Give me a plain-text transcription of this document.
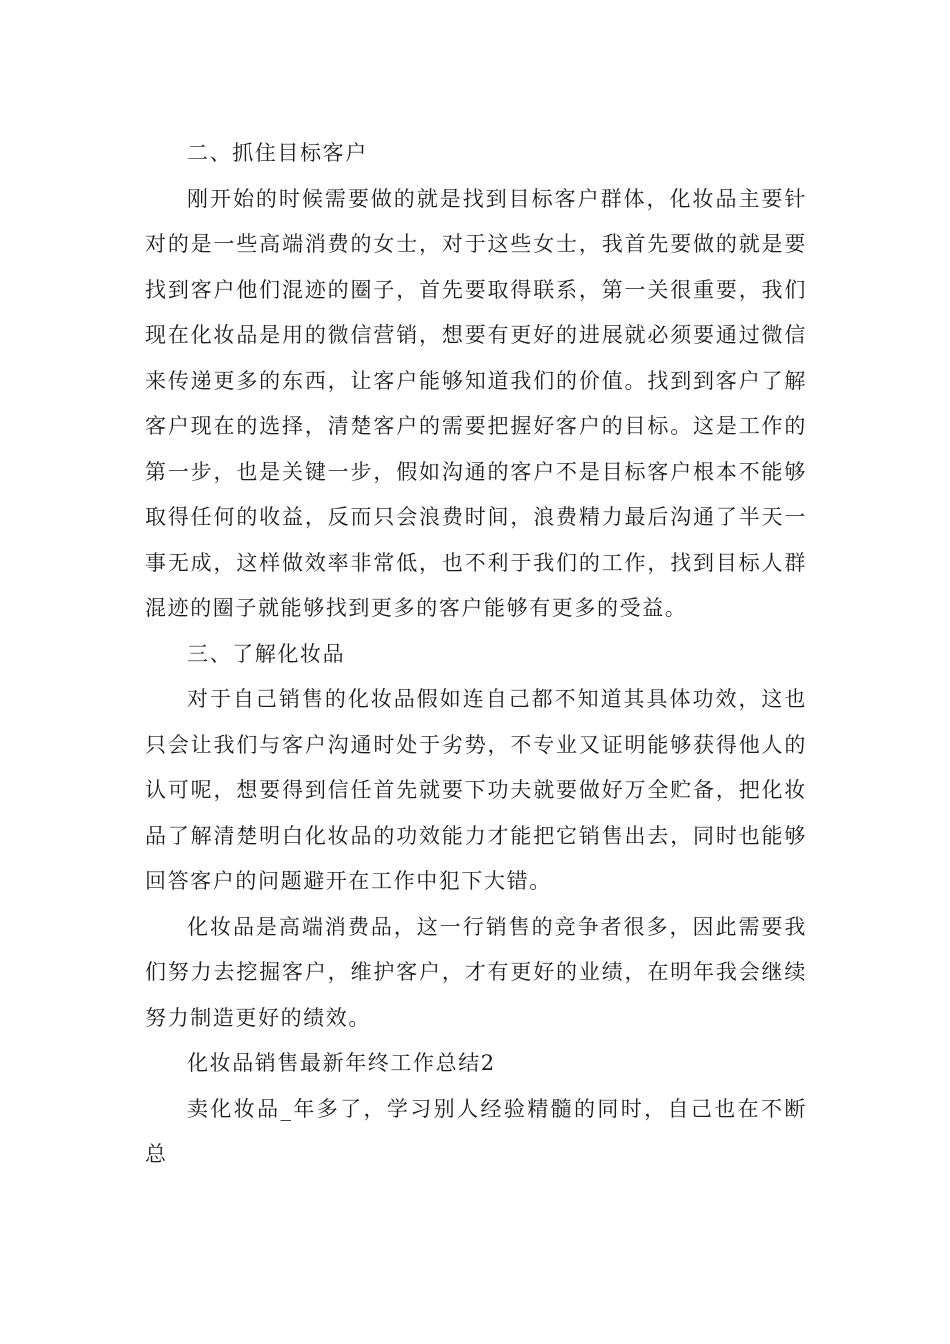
二、抓住目标客户

刚开始的时候需要做的就是找到目标客户群体，化妆品主要针对的是一些高端消费的女士，对于这些女士，我首先要做的就是要找到客户他们混迹的圈子，首先要取得联系，第一关很重要，我们现在化妆品是用的微信营销，想要有更好的进展就必须要通过微信来传递更多的东西，让客户能够知道我们的价值。找到到客户了解客户现在的选择，清楚客户的需要把握好客户的目标。这是工作的第一步，也是关键一步，假如沟通的客户不是目标客户根本不能够取得任何的收益，反而只会浪费时间，浪费精力最后沟通了半天一事无成，这样做效率非常低，也不利于我们的工作，找到目标人群混迹的圈子就能够找到更多的客户能够有更多的受益。

三、了解化妆品

对于自己销售的化妆品假如连自己都不知道其具体功效，这也只会让我们与客户沟通时处于劣势，不专业又证明能够获得他人的认可呢，想要得到信任首先就要下功夫就要做好万全贮备，把化妆品了解清楚明白化妆品的功效能力才能把它销售出去，同时也能够回答客户的问题避开在工作中犯下大错。

化妆品是高端消费品，这一行销售的竞争者很多，因此需要我们努力去挖掘客户，维护客户，才有更好的业绩，在明年我会继续努力制造更好的绩效。

化妆品销售最新年终工作总结2

卖化妆品_年多了，学习别人经验精髓的同时，自己也在不断总
